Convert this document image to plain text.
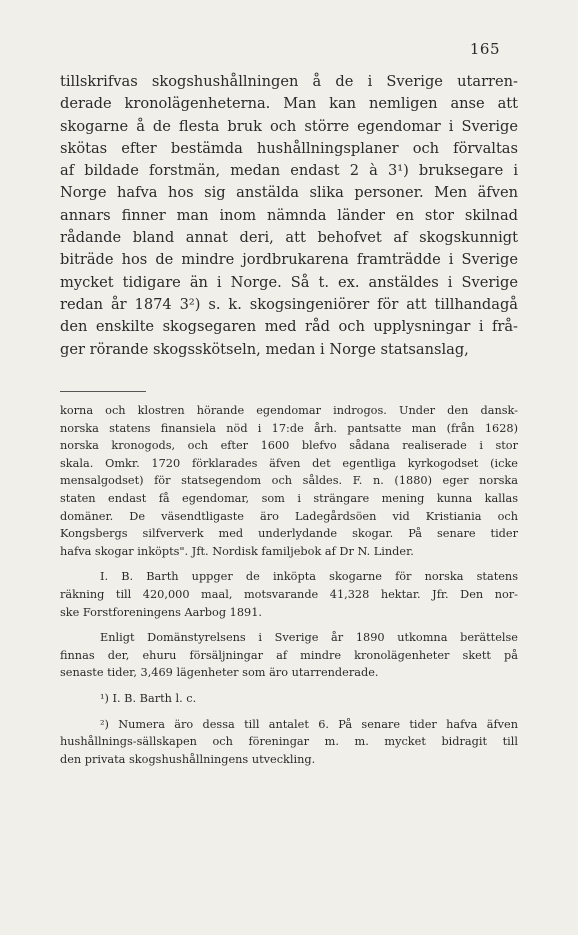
165
tillskrifvas skogshushållningen å de i Sverige utarren-
derade kronolägenheterna. Man kan nemligen anse att
skogarne å de flesta bruk och större egendomar i Sverige
skötas efter bestämda hushållningsplaner och förvaltas
af bildade forstmän, medan endast 2 à 3¹) bruksegare i
Norge hafva hos sig anstälda slika personer. Men äfven
annars finner man inom nämnda länder en stor skilnad
rådande bland annat deri, att behofvet af skogskunnigt
biträde hos de mindre jordbrukarena framträdde i Sverige
mycket tidigare än i Norge. Så t. ex. anstäldes i Sverige
redan år 1874 3²) s. k. skogsingeniörer för att tillhandagå
den enskilte skogsegaren med råd och upplysningar i frå-
ger rörande skogsskötseln, medan i Norge statsanslag,
korna och klostren hörande egendomar indrogos. Under den dansk-
norska statens finansiela nöd i 17:de årh. pantsatte man (från 1628)
norska kronogods, och efter 1600 blefvo sådana realiserade i stor
skala. Omkr. 1720 förklarades äfven det egentliga kyrkogodset (icke
mensalgodset) för statsegendom och såldes. F. n. (1880) eger norska
staten endast få egendomar, som i strängare mening kunna kallas
domäner. De väsendtligaste äro Ladegårdsöen vid Kristiania och
Kongsbergs silfververk med underlydande skogar. På senare tider
hafva skogar inköpts". Jft. Nordisk familjebok af Dr N. Linder.
I. B. Barth uppger de inköpta skogarne för norska statens
räkning till 420,000 maal, motsvarande 41,328 hektar. Jfr. Den nor-
ske Forstforeningens Aarbog 1891.
Enligt Domänstyrelsens i Sverige år 1890 utkomna berättelse
finnas der, ehuru försäljningar af mindre kronolägenheter skett på
senaste tider, 3,469 lägenheter som äro utarrenderade.
¹) I. B. Barth l. c.
²) Numera äro dessa till antalet 6. På senare tider hafva äfven
hushållnings-sällskapen och föreningar m. m. mycket bidragit till
den privata skogshushållningens utveckling.
